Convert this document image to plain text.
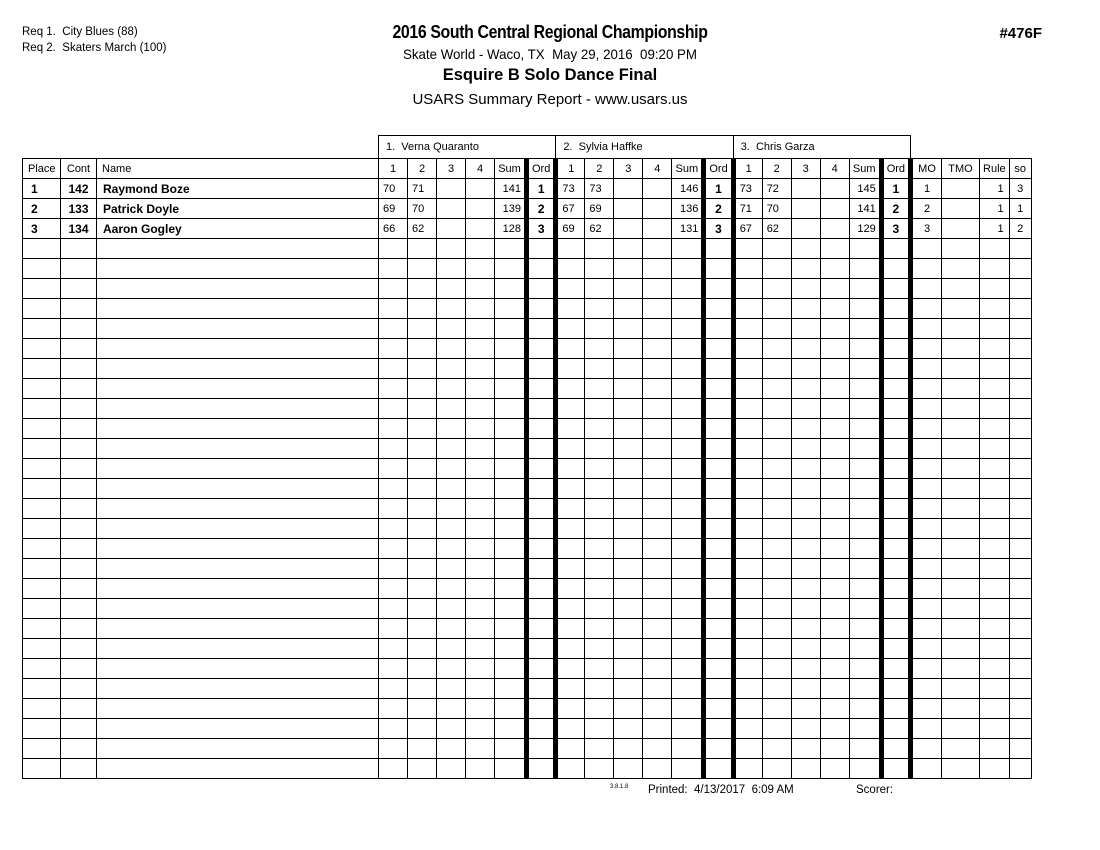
Req 1.  City Blues (88)
Req 2.  Skaters March (100)
2016 South Central Regional Championship
Skate World - Waco, TX  May 29, 2016  09:20 PM
Esquire B Solo Dance Final
USARS Summary Report - www.usars.us
#476F
			1.  Verna Quaranto						2.  Sylvia Haffke						3.  Chris Garza									
Place	Cont	Name	1	2	3	4	Sum	Ord	1	2	3	4	Sum	Ord	1	2	3	4	Sum	Ord	MO	TMO	Rule	so
1	142	Raymond Boze	70	71			141	1	73	73			146	1	73	72			145	1	1		1	3
2	133	Patrick Doyle	69	70			139	2	67	69			136	2	71	70			141	2	2		1	1
3	134	Aaron Gogley	66	62			128	3	69	62			131	3	67	62			129	3	3		1	2

3.8.1.8 Printed:  4/13/2017  6:09 AM	Scorer:
